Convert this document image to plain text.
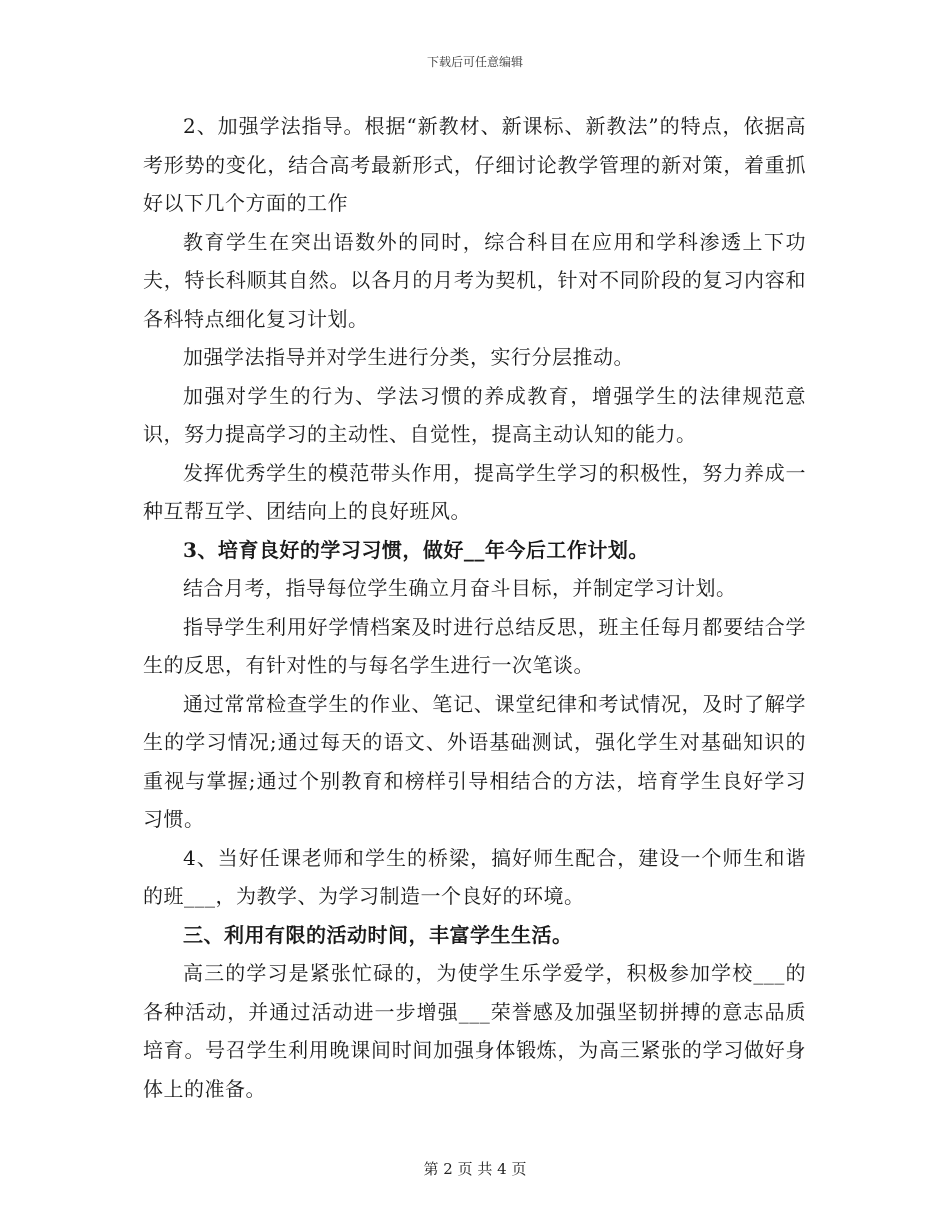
下载后可任意编辑

2、加强学法指导。根据“新教材、新课标、新教法”的特点，依据高考形势的变化，结合高考最新形式，仔细讨论教学管理的新对策，着重抓好以下几个方面的工作

教育学生在突出语数外的同时，综合科目在应用和学科渗透上下功夫，特长科顺其自然。以各月的月考为契机，针对不同阶段的复习内容和各科特点细化复习计划。

加强学法指导并对学生进行分类，实行分层推动。

加强对学生的行为、学法习惯的养成教育，增强学生的法律规范意识，努力提高学习的主动性、自觉性，提高主动认知的能力。

发挥优秀学生的模范带头作用，提高学生学习的积极性，努力养成一种互帮互学、团结向上的良好班风。

3、培育良好的学习习惯，做好__年今后工作计划。

结合月考，指导每位学生确立月奋斗目标，并制定学习计划。

指导学生利用好学情档案及时进行总结反思，班主任每月都要结合学生的反思，有针对性的与每名学生进行一次笔谈。

通过常常检查学生的作业、笔记、课堂纪律和考试情况，及时了解学生的学习情况;通过每天的语文、外语基础测试，强化学生对基础知识的重视与掌握;通过个别教育和榜样引导相结合的方法，培育学生良好学习习惯。

4、当好任课老师和学生的桥梁，搞好师生配合，建设一个师生和谐的班___，为教学、为学习制造一个良好的环境。

三、利用有限的活动时间，丰富学生生活。

高三的学习是紧张忙碌的，为使学生乐学爱学，积极参加学校___的各种活动，并通过活动进一步增强___荣誉感及加强坚韧拼搏的意志品质培育。号召学生利用晚课间时间加强身体锻炼，为高三紧张的学习做好身体上的准备。

第 2 页 共 4 页
